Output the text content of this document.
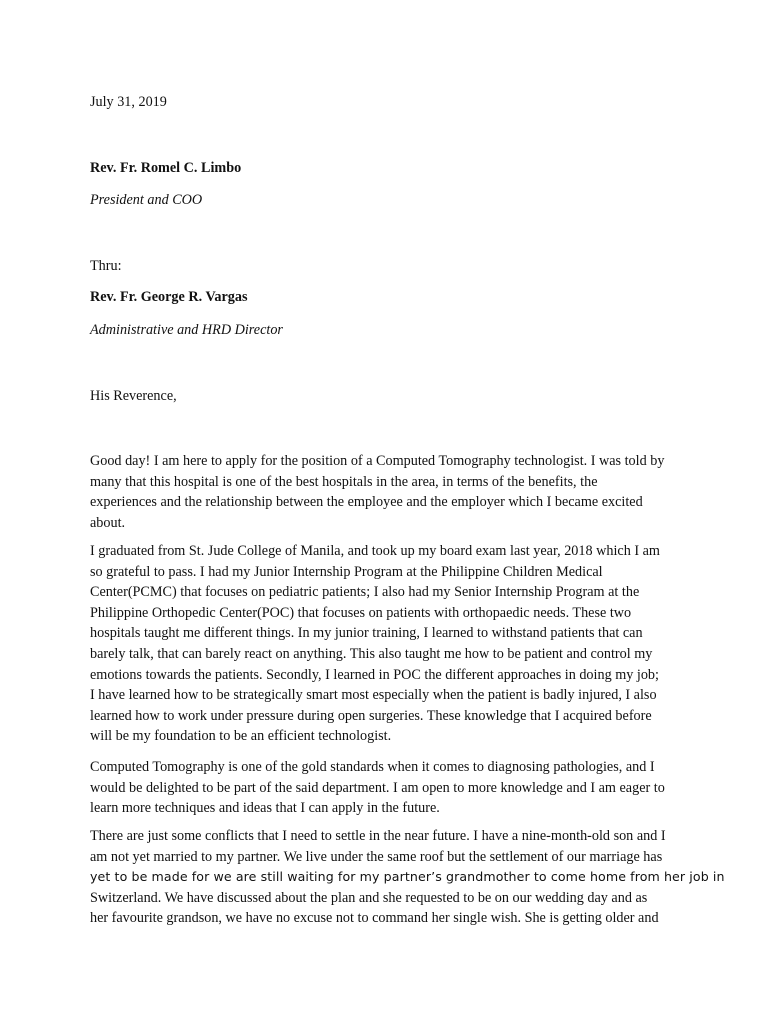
July 31, 2019

Rev. Fr. Romel C. Limbo

President and COO

Thru:

Rev. Fr. George R. Vargas

Administrative and HRD Director

His Reverence,

Good day! I am here to apply for the position of a Computed Tomography technologist. I was told by
many that this hospital is one of the best hospitals in the area, in terms of the benefits, the
experiences and the relationship between the employee and the employer which I became excited
about.
I graduated from St. Jude College of Manila, and took up my board exam last year, 2018 which I am
so grateful to pass. I had my Junior Internship Program at the Philippine Children Medical
Center(PCMC) that focuses on pediatric patients; I also had my Senior Internship Program at the
Philippine Orthopedic Center(POC) that focuses on patients with orthopaedic needs. These two
hospitals taught me different things. In my junior training, I learned to withstand patients that can
barely talk, that can barely react on anything. This also taught me how to be patient and control my
emotions towards the patients. Secondly, I learned in POC the different approaches in doing my job;
I have learned how to be strategically smart most especially when the patient is badly injured, I also
learned how to work under pressure during open surgeries. These knowledge that I acquired before
will be my foundation to be an efficient technologist.
Computed Tomography is one of the gold standards when it comes to diagnosing pathologies, and I
would be delighted to be part of the said department. I am open to more knowledge and I am eager to
learn more techniques and ideas that I can apply in the future.
There are just some conflicts that I need to settle in the near future. I have a nine-month-old son and I
am not yet married to my partner. We live under the same roof but the settlement of our marriage has
yet to be made for we are still waiting for my partner’s grandmother to come home from her job in
Switzerland. We have discussed about the plan and she requested to be on our wedding day and as
her favourite grandson, we have no excuse not to command her single wish. She is getting older and
